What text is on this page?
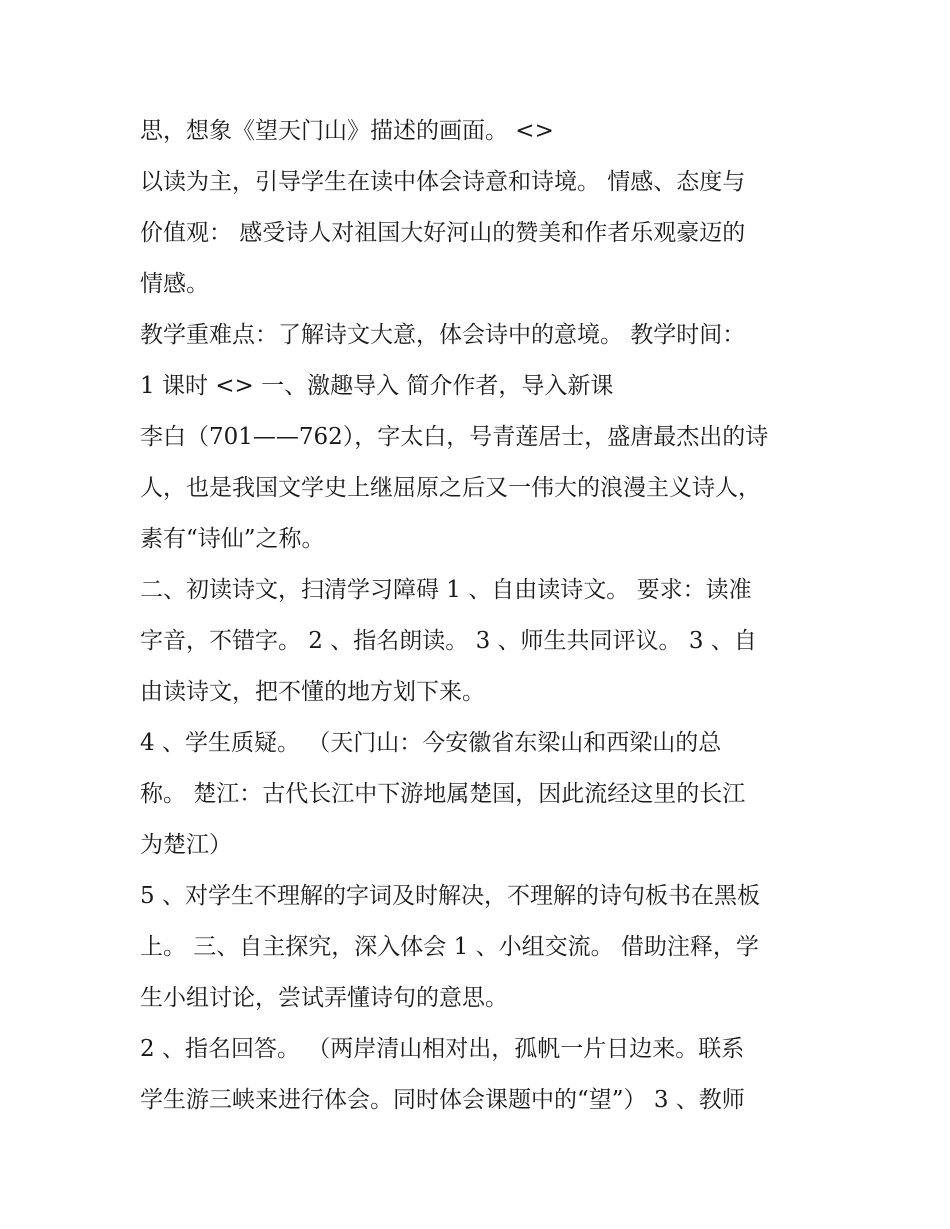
思，想象《望天门山》描述的画面。 <>
以读为主，引导学生在读中体会诗意和诗境。 情感、态度与
价值观： 感受诗人对祖国大好河山的赞美和作者乐观豪迈的
情感。
教学重难点：了解诗文大意，体会诗中的意境。 教学时间：
1 课时 <> 一、激趣导入 简介作者，导入新课
李白（701——762），字太白，号青莲居士，盛唐最杰出的诗
人，也是我国文学史上继屈原之后又一伟大的浪漫主义诗人，
素有“诗仙”之称。
二、初读诗文，扫清学习障碍 1 、自由读诗文。 要求：读准
字音，不错字。 2 、指名朗读。 3 、师生共同评议。 3 、自
由读诗文，把不懂的地方划下来。
4 、学生质疑。 （天门山：今安徽省东梁山和西梁山的总
称。 楚江：古代长江中下游地属楚国，因此流经这里的长江
为楚江）
5 、对学生不理解的字词及时解决，不理解的诗句板书在黑板
上。 三、自主探究，深入体会 1 、小组交流。 借助注释，学
生小组讨论，尝试弄懂诗句的意思。
2 、指名回答。 （两岸清山相对出，孤帆一片日边来。联系
学生游三峡来进行体会。同时体会课题中的“望”） 3 、教师
